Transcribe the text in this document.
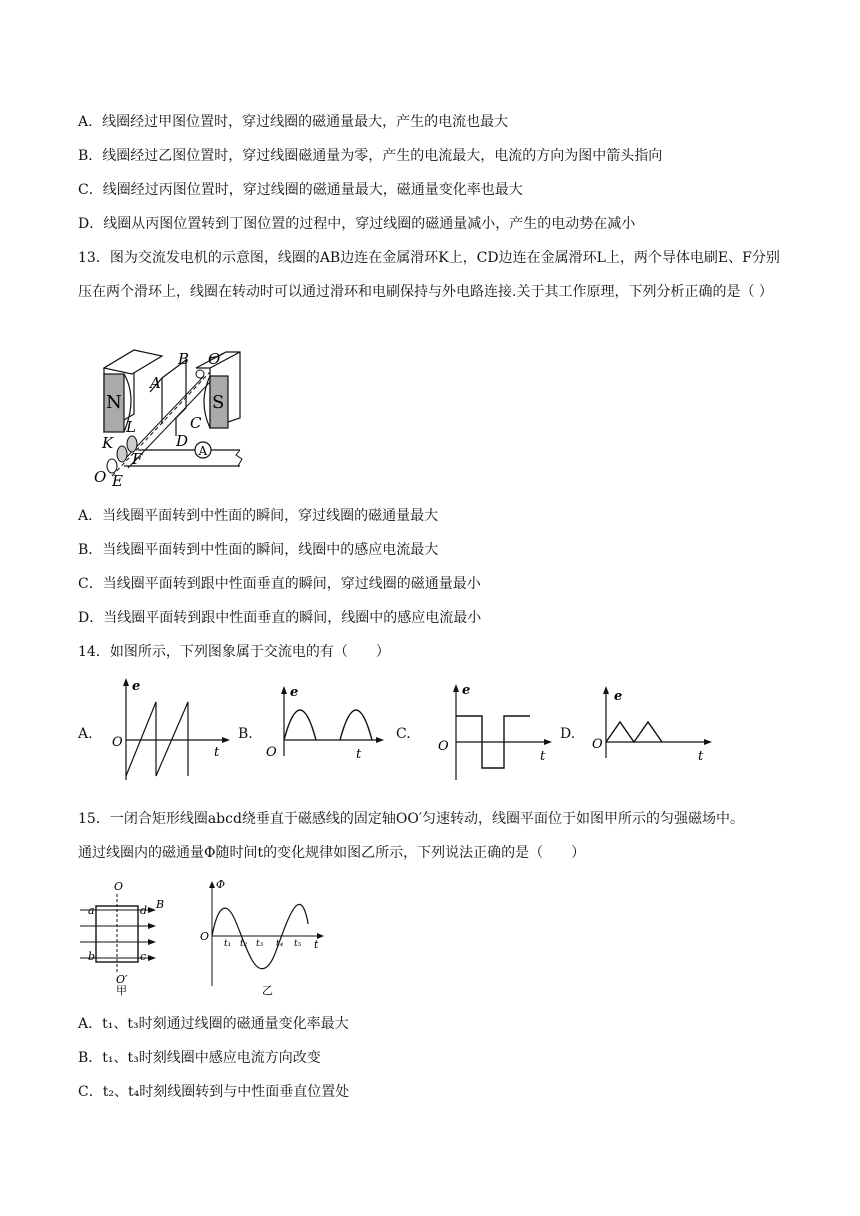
A．线圈经过甲图位置时，穿过线圈的磁通量最大，产生的电流也最大
B．线圈经过乙图位置时，穿过线圈磁通量为零，产生的电流最大，电流的方向为图中箭头指向
C．线圈经过丙图位置时，穿过线圈的磁通量最大，磁通量变化率也最大
D．线圈从丙图位置转到丁图位置的过程中，穿过线圈的磁通量减小，产生的电动势在减小
13．图为交流发电机的示意图，线圈的AB边连在金属滑环K上，CD边连在金属滑环L上，两个导体电刷E、F分别压在两个滑环上，线圈在转动时可以通过滑环和电刷保持与外电路连接.关于其工作原理，下列分析正确的是（ ）
A
N	S
A
B
C
D
K
L
F
E
O
O′
A．当线圈平面转到中性面的瞬间，穿过线圈的磁通量最大
B．当线圈平面转到中性面的瞬间，线圈中的感应电流最大
C．当线圈平面转到跟中性面垂直的瞬间，穿过线圈的磁通量最小
D．当线圈平面转到跟中性面垂直的瞬间，线圈中的感应电流最小
14．如图所示，下列图象属于交流电的有（　　）
A.
e
t
O
B.
e
t
O
C.
e
t
O
D.
e
t
O
15．一闭合矩形线圈abcd绕垂直于磁感线的固定轴OO′匀速转动，线圈平面位于如图甲所示的匀强磁场中。
通过线圈内的磁通量Φ随时间t的变化规律如图乙所示，下列说法正确的是（　　）
O
O′
a
b	c
d B
甲
Φ
O
t
t₁ t₂ t₃ t₄ t₅
乙
A．t₁、t₃时刻通过线圈的磁通量变化率最大
B．t₁、t₃时刻线圈中感应电流方向改变
C．t₂、t₄时刻线圈转到与中性面垂直位置处
